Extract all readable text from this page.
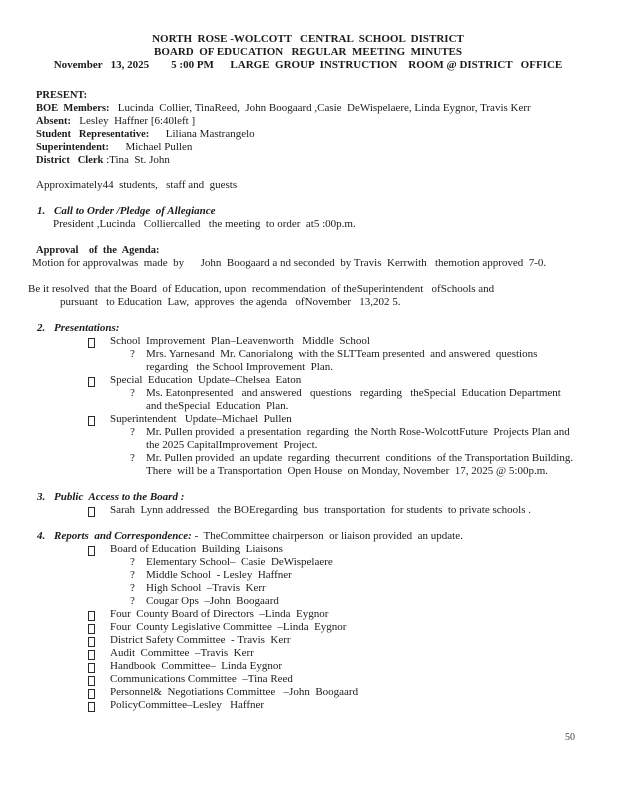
NORTH  ROSE -WOLCOTT   CENTRAL  SCHOOL  DISTRICT
BOARD  OF EDUCATION   REGULAR  MEETING  MINUTES
November   13, 2025        5 :00 PM      LARGE  GROUP  INSTRUCTION    ROOM @ DISTRICT   OFFICE
PRESENT:
BOE  Members:   Lucinda  Collier, TinaReed,  John Boogaard ,Casie  DeWispelaere, Linda Eygnor, Travis Kerr
Absent:   Lesley  Haffner [6:40left ]
Student   Representative:      Liliana Mastrangelo
Superintendent:      Michael Pullen
District   Clerk :Tina  St. John
Approximately44  students,   staff and  guests
1. Call to Order /Pledge  of Allegiance
President ,Lucinda   Colliercalled   the meeting  to order  at5 :00p.m.
Approval    of  the  Agenda:
Motion for approvalwas  made  by      John  Boogaard a nd seconded  by Travis  Kerrwith   themotion approved  7-0.
Be it resolved  that the Board  of Education, upon  recommendation  of theSuperintendent   ofSchools and
pursuant   to Education  Law,  approves  the agenda   ofNovember   13,202 5.
2. Presentations:
School  Improvement  Plan–Leavenworth   Middle  School
? Mrs. Yarnesand  Mr. Canorialong  with the SLTTeam presented  and answered  questions regarding   the School Improvement  Plan.
Special  Education  Update–Chelsea  Eaton
? Ms. Eatonpresented   and answered   questions   regarding   theSpecial  Education Department  and theSpecial  Education  Plan.
Superintendent   Update–Michael  Pullen
? Mr. Pullen provided  a presentation  regarding  the North Rose-WolcottFuture  Projects Plan and  the 2025 CapitalImprovement  Project.
? Mr. Pullen provided  an update  regarding  thecurrent  conditions  of the Transportation Building. There  will be a Transportation  Open House  on Monday, November  17, 2025 @ 5:00p.m.
3. Public  Access to the Board :
Sarah  Lynn addressed   the BOEregarding  bus  transportation  for students  to private schools .
4. Reports  and Correspondence: -  TheCommittee chairperson  or liaison provided  an update.
Board of Education  Building  Liaisons
? Elementary School–  Casie  DeWispelaere
? Middle School  - Lesley  Haffner
? High School  –Travis  Kerr
? Cougar Ops  –John  Boogaard
Four  County Board of Directors  –Linda  Eygnor
Four  County Legislative Committee  –Linda  Eygnor
District Safety Committee  - Travis  Kerr
Audit  Committee  –Travis  Kerr
Handbook  Committee–  Linda Eygnor
Communications Committee  –Tina Reed
Personnel&  Negotiations Committee   –John  Boogaard
PolicyCommittee–Lesley   Haffner
50
